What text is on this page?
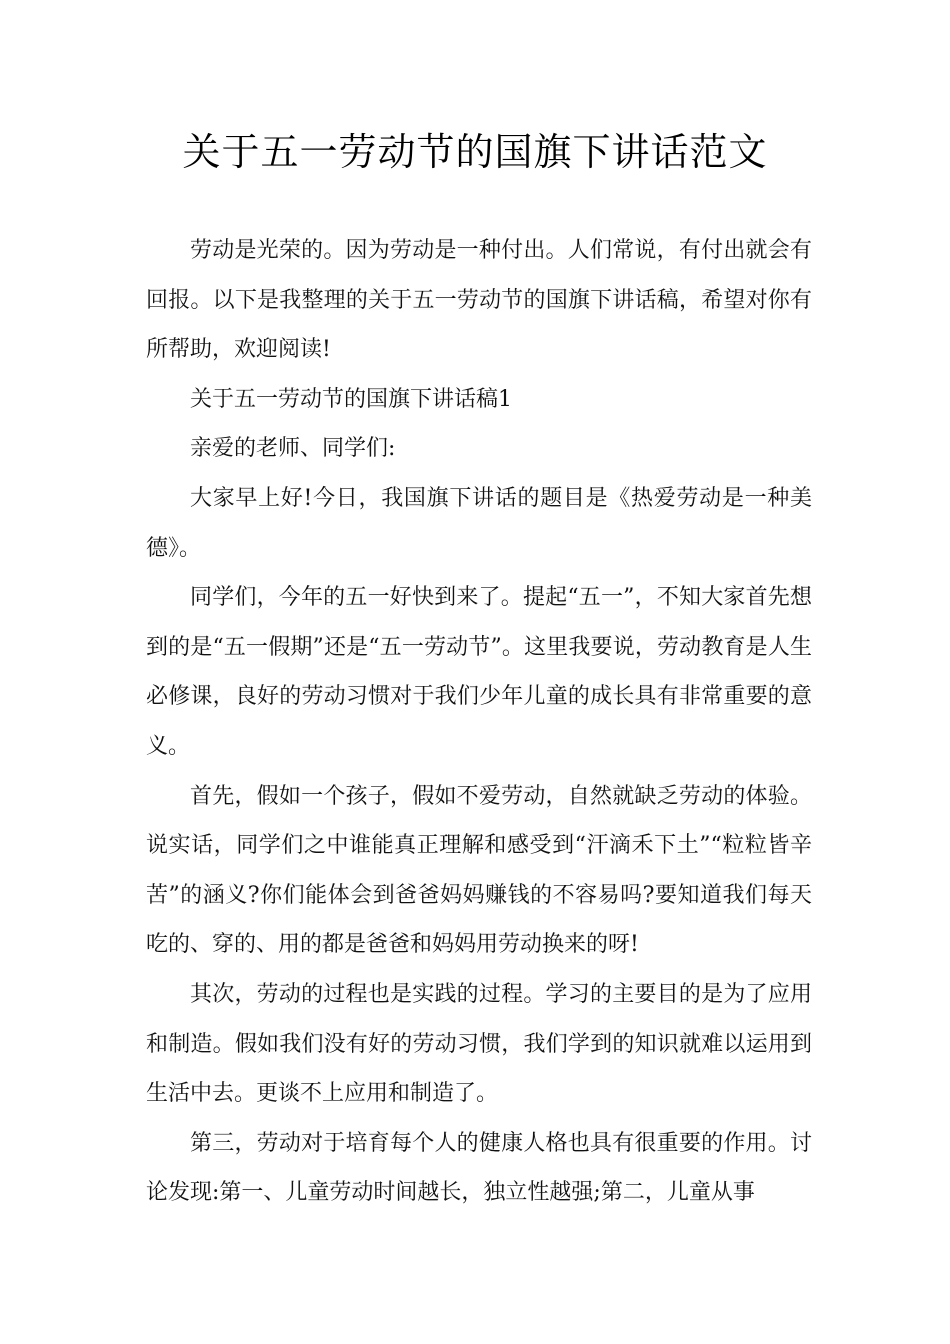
关于五一劳动节的国旗下讲话范文

劳动是光荣的。因为劳动是一种付出。人们常说，有付出就会有回报。以下是我整理的关于五一劳动节的国旗下讲话稿，希望对你有所帮助，欢迎阅读!

关于五一劳动节的国旗下讲话稿1

亲爱的老师、同学们:

大家早上好!今日，我国旗下讲话的题目是《热爱劳动是一种美德》。

同学们，今年的五一好快到来了。提起“五一”，不知大家首先想到的是“五一假期”还是“五一劳动节”。这里我要说，劳动教育是人生必修课，良好的劳动习惯对于我们少年儿童的成长具有非常重要的意义。

首先，假如一个孩子，假如不爱劳动，自然就缺乏劳动的体验。说实话，同学们之中谁能真正理解和感受到“汗滴禾下土”“粒粒皆辛苦”的涵义?你们能体会到爸爸妈妈赚钱的不容易吗?要知道我们每天吃的、穿的、用的都是爸爸和妈妈用劳动换来的呀!

其次，劳动的过程也是实践的过程。学习的主要目的是为了应用和制造。假如我们没有好的劳动习惯，我们学到的知识就难以运用到生活中去。更谈不上应用和制造了。

第三，劳动对于培育每个人的健康人格也具有很重要的作用。讨论发现:第一、儿童劳动时间越长，独立性越强;第二，儿童从事
